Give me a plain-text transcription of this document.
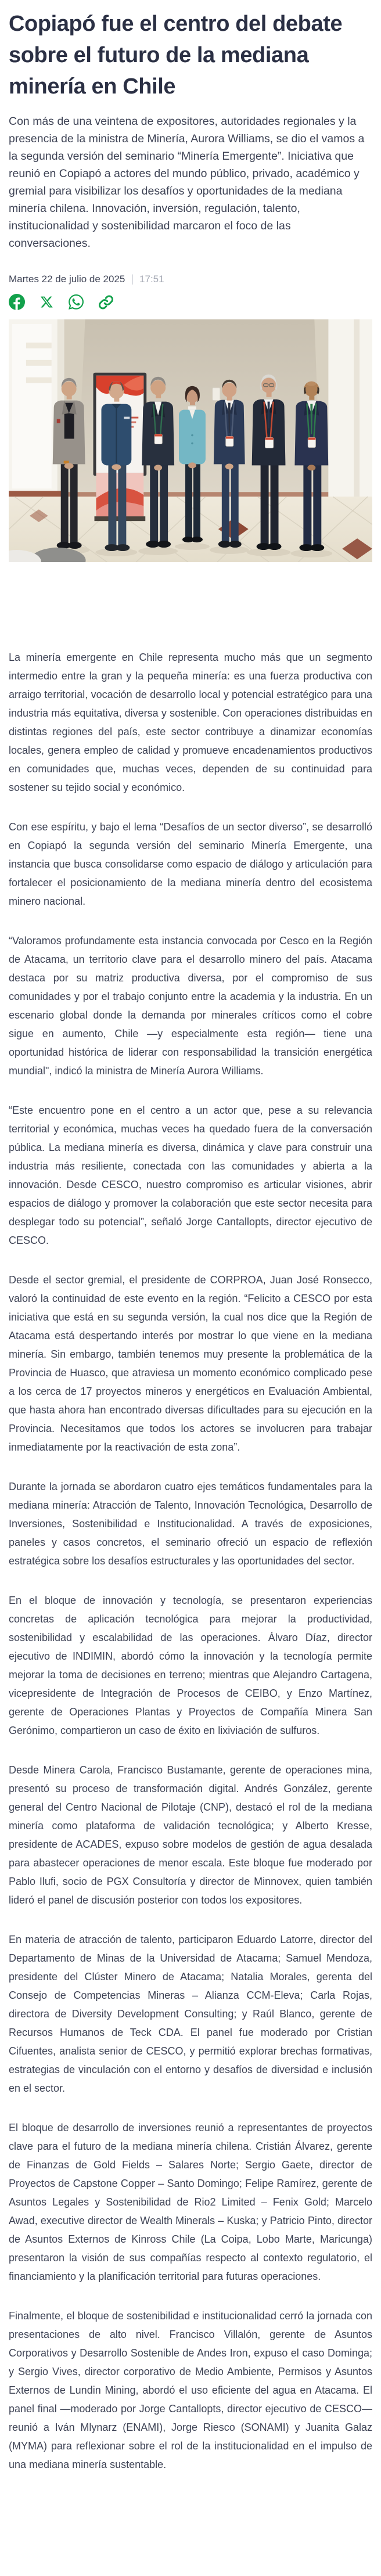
Copiapó fue el centro del debate sobre el futuro de la mediana minería en Chile

Con más de una veintena de expositores, autoridades regionales y la presencia de la ministra de Minería, Aurora Williams, se dio el vamos a la segunda versión del seminario “Minería Emergente”. Iniciativa que reunió en Copiapó a actores del mundo público, privado, académico y gremial para visibilizar los desafíos y oportunidades de la mediana minería chilena. Innovación, inversión, regulación, talento, institucionalidad y sostenibilidad marcaron el foco de las conversaciones.

Martes 22 de julio de 2025 | 17:51

La minería emergente en Chile representa mucho más que un segmento intermedio entre la gran y la pequeña minería: es una fuerza productiva con arraigo territorial, vocación de desarrollo local y potencial estratégico para una industria más equitativa, diversa y sostenible. Con operaciones distribuidas en distintas regiones del país, este sector contribuye a dinamizar economías locales, genera empleo de calidad y promueve encadenamientos productivos en comunidades que, muchas veces, dependen de su continuidad para sostener su tejido social y económico.

Con ese espíritu, y bajo el lema “Desafíos de un sector diverso”, se desarrolló en Copiapó la segunda versión del seminario Minería Emergente, una instancia que busca consolidarse como espacio de diálogo y articulación para fortalecer el posicionamiento de la mediana minería dentro del ecosistema minero nacional.

“Valoramos profundamente esta instancia convocada por Cesco en la Región de Atacama, un territorio clave para el desarrollo minero del país. Atacama destaca por su matriz productiva diversa, por el compromiso de sus comunidades y por el trabajo conjunto entre la academia y la industria. En un escenario global donde la demanda por minerales críticos como el cobre sigue en aumento, Chile —y especialmente esta región— tiene una oportunidad histórica de liderar con responsabilidad la transición energética mundial", indicó la ministra de Minería Aurora Williams.

“Este encuentro pone en el centro a un actor que, pese a su relevancia territorial y económica, muchas veces ha quedado fuera de la conversación pública. La mediana minería es diversa, dinámica y clave para construir una industria más resiliente, conectada con las comunidades y abierta a la innovación. Desde CESCO, nuestro compromiso es articular visiones, abrir espacios de diálogo y promover la colaboración que este sector necesita para desplegar todo su potencial”, señaló Jorge Cantallopts, director ejecutivo de CESCO.

Desde el sector gremial, el presidente de CORPROA, Juan José Ronsecco, valoró la continuidad de este evento en la región. “Felicito a CESCO por esta iniciativa que está en su segunda versión, la cual nos dice que la Región de Atacama está despertando interés por mostrar lo que viene en la mediana minería. Sin embargo, también tenemos muy presente la problemática de la Provincia de Huasco, que atraviesa un momento económico complicado pese a los cerca de 17 proyectos mineros y energéticos en Evaluación Ambiental, que hasta ahora han encontrado diversas dificultades para su ejecución en la Provincia. Necesitamos que todos los actores se involucren para trabajar inmediatamente por la reactivación de esta zona”.

Durante la jornada se abordaron cuatro ejes temáticos fundamentales para la mediana minería: Atracción de Talento, Innovación Tecnológica, Desarrollo de Inversiones, Sostenibilidad e Institucionalidad. A través de exposiciones, paneles y casos concretos, el seminario ofreció un espacio de reflexión estratégica sobre los desafíos estructurales y las oportunidades del sector.

En el bloque de innovación y tecnología, se presentaron experiencias concretas de aplicación tecnológica para mejorar la productividad, sostenibilidad y escalabilidad de las operaciones. Álvaro Díaz, director ejecutivo de INDIMIN, abordó cómo la innovación y la tecnología permite mejorar la toma de decisiones en terreno; mientras que Alejandro Cartagena, vicepresidente de Integración de Procesos de CEIBO, y Enzo Martínez, gerente de Operaciones Plantas y Proyectos de Compañía Minera San Gerónimo, compartieron un caso de éxito en lixiviación de sulfuros.

Desde Minera Carola, Francisco Bustamante, gerente de operaciones mina, presentó su proceso de transformación digital. Andrés González, gerente general del Centro Nacional de Pilotaje (CNP), destacó el rol de la mediana minería como plataforma de validación tecnológica; y Alberto Kresse, presidente de ACADES, expuso sobre modelos de gestión de agua desalada para abastecer operaciones de menor escala. Este bloque fue moderado por Pablo Ilufi, socio de PGX Consultoría y director de Minnovex, quien también lideró el panel de discusión posterior con todos los expositores.

En materia de atracción de talento, participaron Eduardo Latorre, director del Departamento de Minas de la Universidad de Atacama; Samuel Mendoza, presidente del Clúster Minero de Atacama; Natalia Morales, gerenta del Consejo de Competencias Mineras – Alianza CCM-Eleva; Carla Rojas, directora de Diversity Development Consulting; y Raúl Blanco, gerente de Recursos Humanos de Teck CDA. El panel fue moderado por Cristian Cifuentes, analista senior de CESCO, y permitió explorar brechas formativas, estrategias de vinculación con el entorno y desafíos de diversidad e inclusión en el sector.

El bloque de desarrollo de inversiones reunió a representantes de proyectos clave para el futuro de la mediana minería chilena. Cristián Álvarez, gerente de Finanzas de Gold Fields – Salares Norte; Sergio Gaete, director de Proyectos de Capstone Copper – Santo Domingo; Felipe Ramírez, gerente de Asuntos Legales y Sostenibilidad de Rio2 Limited – Fenix Gold; Marcelo Awad, executive director de Wealth Minerals – Kuska; y Patricio Pinto, director de Asuntos Externos de Kinross Chile (La Coipa, Lobo Marte, Maricunga) presentaron la visión de sus compañías respecto al contexto regulatorio, el financiamiento y la planificación territorial para futuras operaciones.

Finalmente, el bloque de sostenibilidad e institucionalidad cerró la jornada con presentaciones de alto nivel. Francisco Villalón, gerente de Asuntos Corporativos y Desarrollo Sostenible de Andes Iron, expuso el caso Dominga; y Sergio Vives, director corporativo de Medio Ambiente, Permisos y Asuntos Externos de Lundin Mining, abordó el uso eficiente del agua en Atacama. El panel final —moderado por Jorge Cantallopts, director ejecutivo de CESCO— reunió a Iván Mlynarz (ENAMI), Jorge Riesco (SONAMI) y Juanita Galaz (MYMA) para reflexionar sobre el rol de la institucionalidad en el impulso de una mediana minería sustentable.
